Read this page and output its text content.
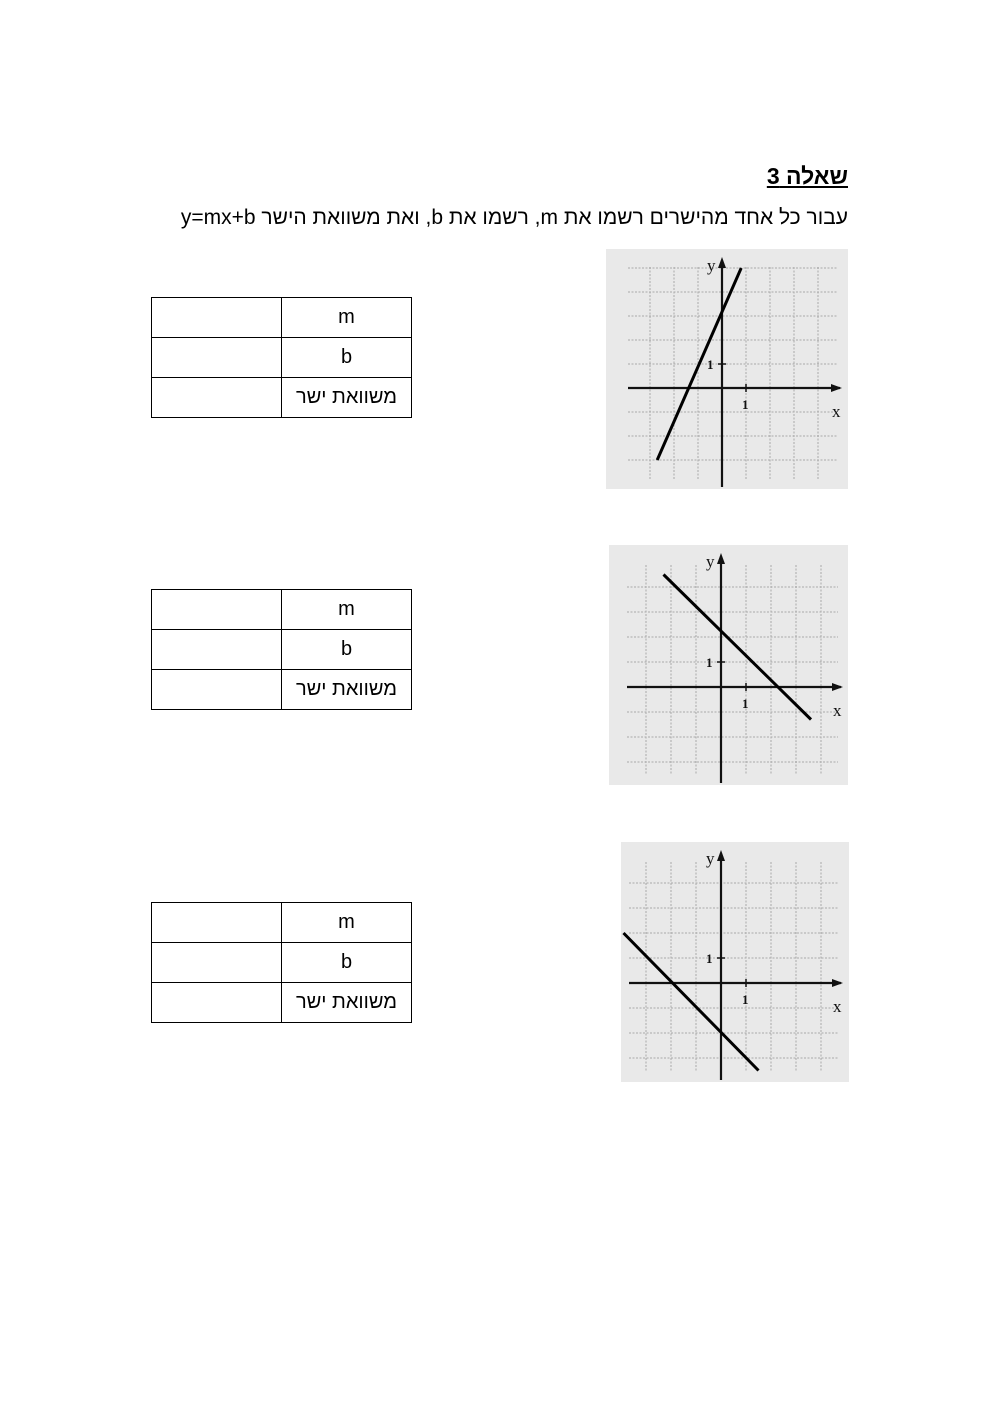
שאלה 3
עבור כל אחד מהישרים רשמו את m, רשמו את b, ואת משוואת הישר y=mx+b
m	
b	
משוואת ישר	
m	
b	
משוואת ישר	
m	
b	
משוואת ישר	
1
1
x
y
1
1
x
y
1
1
x
y
